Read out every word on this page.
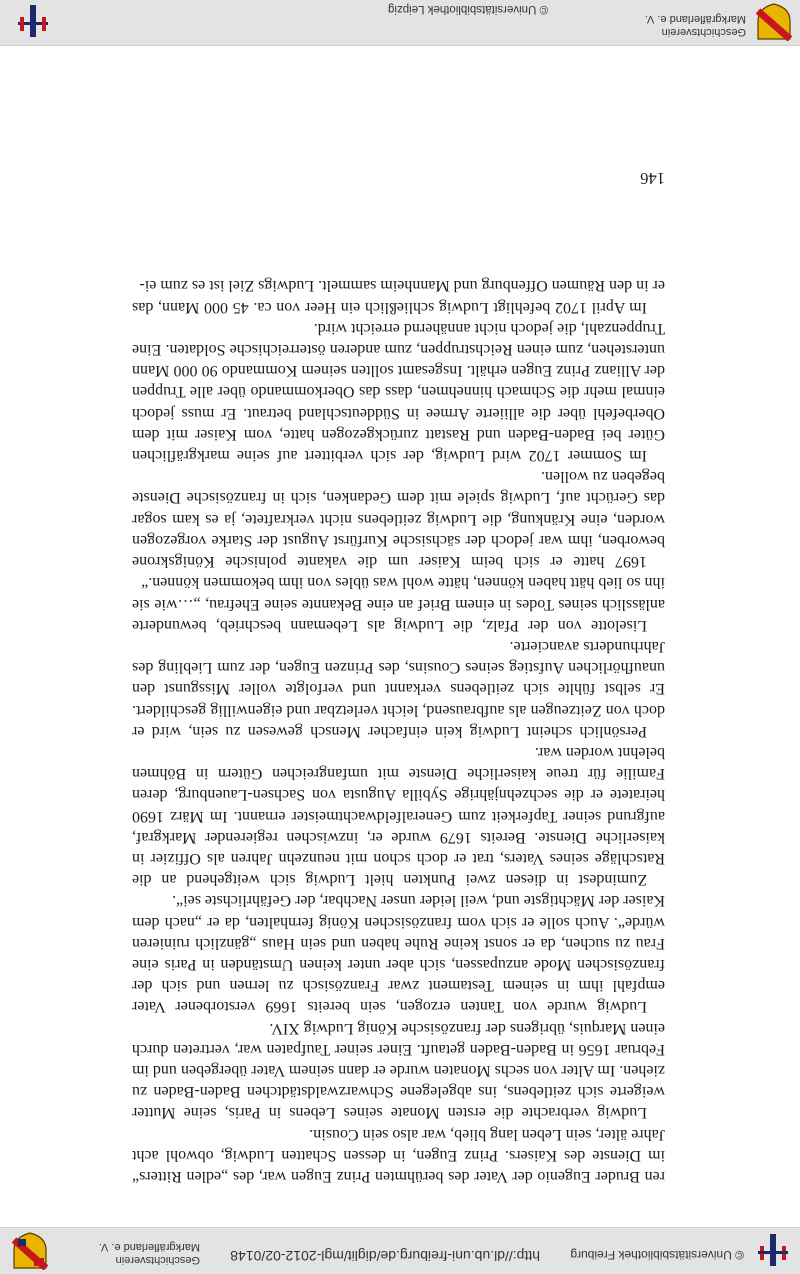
© Universitätsbibliothek Freiburg
http://dl.ub.uni-freiburg.de/diglit/mgl-2012-02/0148
Geschichtsverein
Markgräflerland e. V.

ren Bruder Eugenio der Vater des berühmten Prinz Eugen war, des „edlen Ritters“ im Dienste des Kaisers. Prinz Eugen, in dessen Schatten Ludwig, obwohl acht Jahre älter, sein Leben lang blieb, war also sein Cousin.

Ludwig verbrachte die ersten Monate seines Lebens in Paris, seine Mutter weigerte sich zeitlebens, ins abgelegene Schwarzwaldstädtchen Baden-Baden zu ziehen. Im Alter von sechs Monaten wurde er dann seinem Vater übergeben und im Februar 1656 in Baden-Baden getauft. Einer seiner Taufpaten war, vertreten durch einen Marquis, übrigens der französische König Ludwig XIV.

Ludwig wurde von Tanten erzogen, sein bereits 1669 verstorbener Vater empfahl ihm in seinem Testament zwar Französisch zu lernen und sich der französischen Mode anzupassen, sich aber unter keinen Umständen in Paris eine Frau zu suchen, da er sonst keine Ruhe haben und sein Haus „gänzlich ruinieren würde“. Auch solle er sich vom französischen König fernhalten, da er „nach dem Kaiser der Mächtigste und, weil leider unser Nachbar, der Gefährlichste sei“.

Zumindest in diesen zwei Punkten hielt Ludwig sich weitgehend an die Ratschläge seines Vaters, trat er doch schon mit neunzehn Jahren als Offizier in kaiserliche Dienste. Bereits 1679 wurde er, inzwischen regierender Markgraf, aufgrund seiner Tapferkeit zum Generalfeldwachtmeister ernannt. Im März 1690 heiratete er die sechzehnjährige Sybilla Augusta von Sachsen-Lauenburg, deren Familie für treue kaiserliche Dienste mit umfangreichen Gütern in Böhmen belehnt worden war.

Persönlich scheint Ludwig kein einfacher Mensch gewesen zu sein, wird er doch von Zeitzeugen als aufbrausend, leicht verletzbar und eigenwillig geschildert. Er selbst fühlte sich zeitlebens verkannt und verfolgte voller Missgunst den unaufhörlichen Aufstieg seines Cousins, des Prinzen Eugen, der zum Liebling des Jahrhunderts avancierte.

Liselotte von der Pfalz, die Ludwig als Lebemann beschrieb, bewunderte anlässlich seines Todes in einem Brief an eine Bekannte seine Ehefrau, „…wie sie ihn so lieb hätt haben können, hätte wohl was übles von ihm bekommen können.“

1697 hatte er sich beim Kaiser um die vakante polnische Königskrone beworben, ihm war jedoch der sächsische Kurfürst August der Starke vorgezogen worden, eine Kränkung, die Ludwig zeitlebens nicht verkraftete, ja es kam sogar das Gerücht auf, Ludwig spiele mit dem Gedanken, sich in französische Dienste begeben zu wollen.

Im Sommer 1702 wird Ludwig, der sich verbittert auf seine markgräflichen Güter bei Baden-Baden und Rastatt zurückgezogen hatte, vom Kaiser mit dem Oberbefehl über die alliierte Armee in Süddeutschland betraut. Er muss jedoch einmal mehr die Schmach hinnehmen, dass das Oberkommando über alle Truppen der Allianz Prinz Eugen erhält. Insgesamt sollten seinem Kommando 90 000 Mann unterstehen, zum einen Reichstruppen, zum anderen österreichische Soldaten. Eine Truppenzahl, die jedoch nicht annähernd erreicht wird.

Im April 1702 befehligt Ludwig schließlich ein Heer von ca. 45 000 Mann, das er in den Räumen Offenburg und Mannheim sammelt. Ludwigs Ziel ist es zum ei-

146
Geschichtsverein
Markgräflerland e. V.
© Universitätsbibliothek Leipzig
